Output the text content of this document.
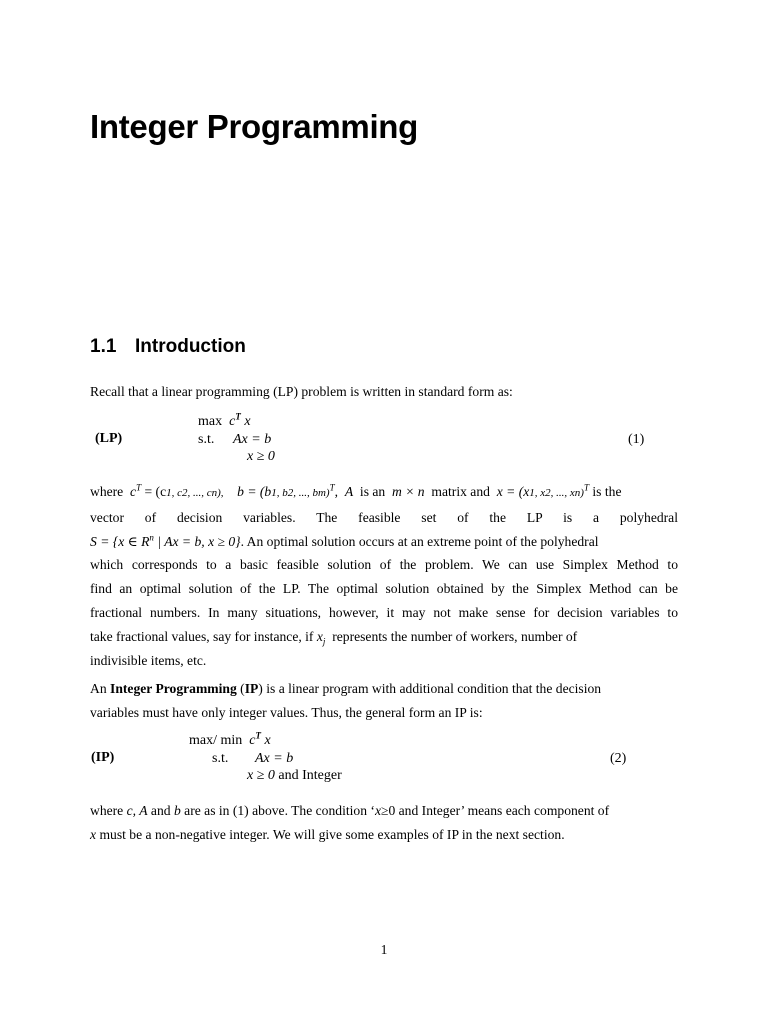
Integer Programming
1.1 Introduction

Recall that a linear programming (LP) problem is written in standard form as:

(LP)
$\max c^T$ x
s.t. Ax = b
x ≥ 0
(1)
where $c^T = (c1$, c2, ..., cn), b = (b1, b2, ..., bm)$^T$,  A is an m × n matrix and x = (x1, x2, ..., xn)$^T$ is the
vector of decision variables. The feasible set of the LP is a polyhedral
S = {x ∈ $R^n$ | Ax = b, x ≥ 0}. An optimal solution occurs at an extreme point of the polyhedral
which corresponds to a basic feasible solution of the problem. We can use Simplex Method to
find an optimal solution of the LP. The optimal solution obtained by the Simplex Method can be
fractional numbers. In many situations, however, it may not make sense for decision variables to
take fractional values, say for instance, if $x_j$ represents the number of workers, number of
indivisible items, etc.
An Integer Programming (IP) is a linear program with additional condition that the decision
variables must have only integer values. Thus, the general form an IP is:
(IP)
max/ $\min c^T$ x
s.t. Ax = b
x ≥ 0 and Integer
(2)
where c, A and b are as in (1) above. The condition ‘x≥0 and Integer’ means each component of
x must be a non-negative integer. We will give some examples of IP in the next section.
1
